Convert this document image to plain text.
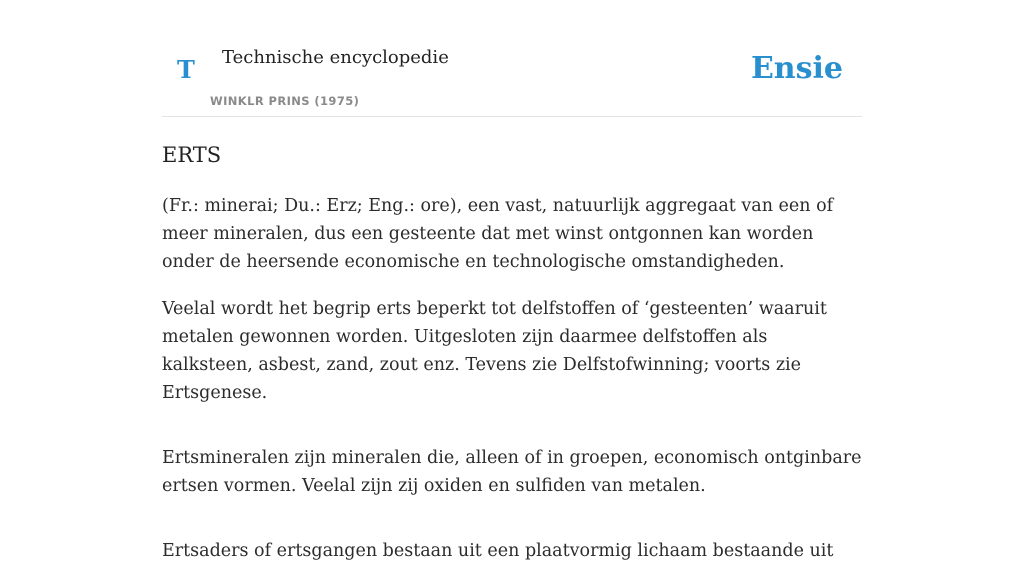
T Technische encyclopedie
WINKLR PRINS (1975)
Ensie
ERTS

(Fr.: minerai; Du.: Erz; Eng.: ore), een vast, natuurlijk aggregaat van een of meer mineralen, dus een gesteente dat met winst ontgonnen kan worden onder de heersende economische en technologische omstandigheden.

Veelal wordt het begrip erts beperkt tot delfstoffen of ‘gesteenten’ waaruit metalen gewonnen worden. Uitgesloten zijn daarmee delfstoffen als kalksteen, asbest, zand, zout enz. Tevens zie Delfstofwinning; voorts zie Ertsgenese.

Ertsmineralen zijn mineralen die, alleen of in groepen, economisch ontginbare ertsen vormen. Veelal zijn zij oxiden en sulfiden van metalen.

Ertsaders of ertsgangen bestaan uit een plaatvormig lichaam bestaande uit
